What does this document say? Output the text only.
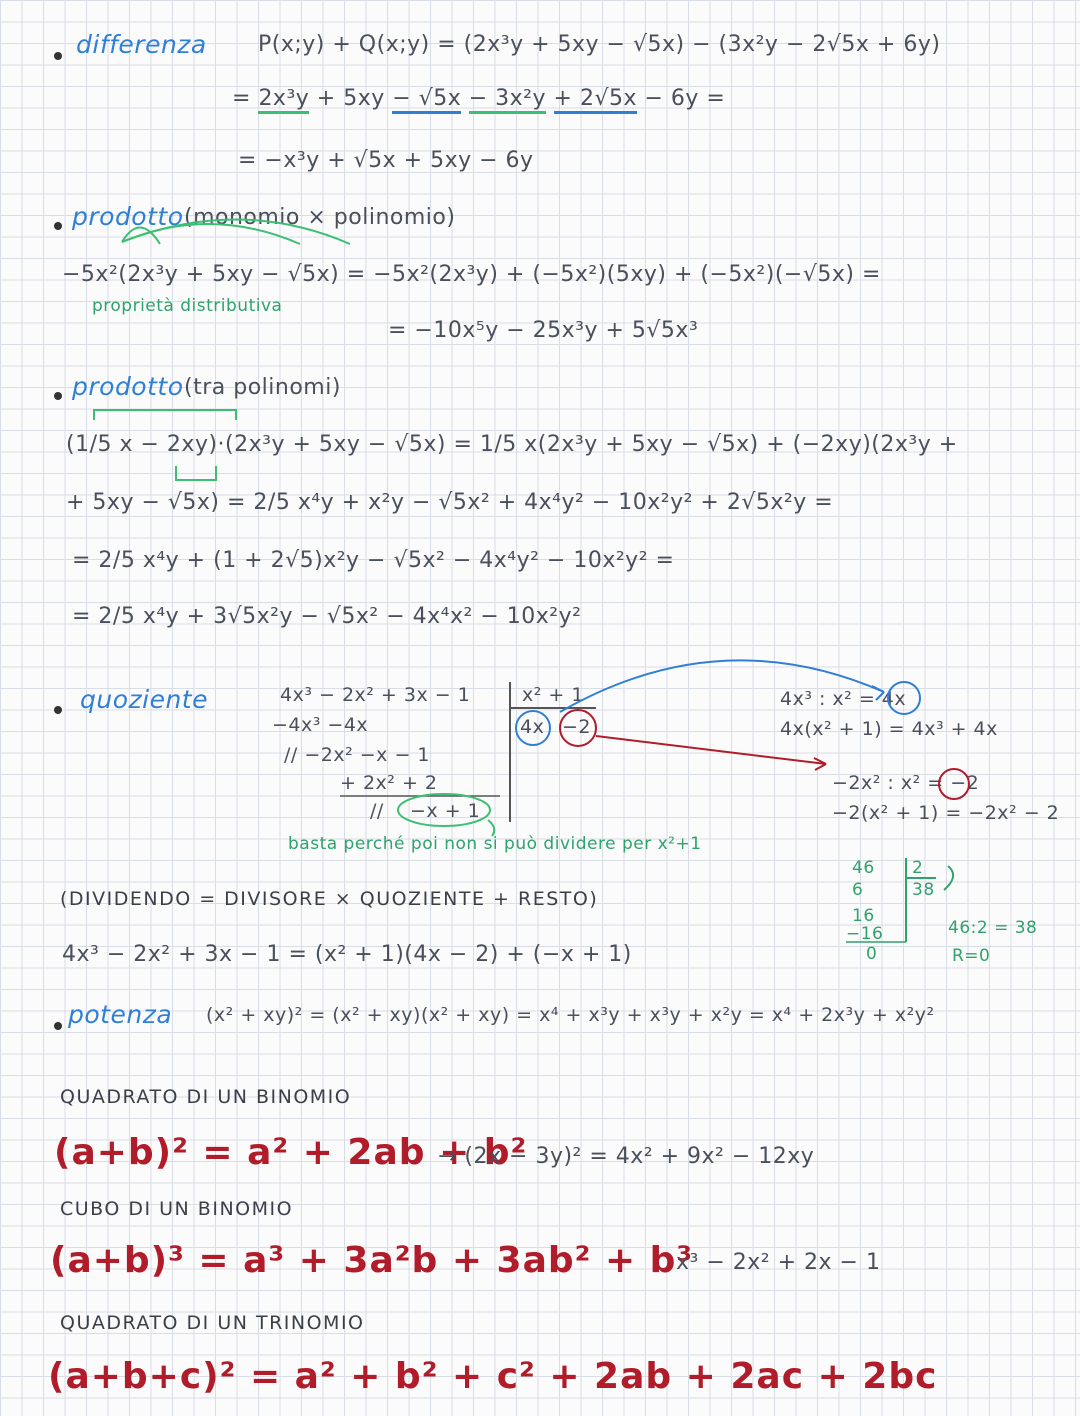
differenza P(x;y) + Q(x;y) = (2x³y + 5xy − √5x) − (3x²y − 2√5x + 6y)
= 2x³y + 5xy − √5x − 3x²y + 2√5x − 6y =
= −x³y + √5x + 5xy − 6y
prodotto (monomio × polinomio)
−5x²(2x³y + 5xy − √5x) = −5x²(2x³y) + (−5x²)(5xy) + (−5x²)(−√5x) =
proprietà distributiva
= −10x⁵y − 25x³y + 5√5x³
prodotto (tra polinomi)
(1/5 x − 2xy)·(2x³y + 5xy − √5x) = 1/5 x(2x³y + 5xy − √5x) + (−2xy)(2x³y +
+ 5xy − √5x) = 2/5 x⁴y + x²y − √5x² + 4x⁴y² − 10x²y² + 2√5x²y =
= 2/5 x⁴y + (1 + 2√5)x²y − √5x² − 4x⁴y² − 10x²y² =
= 2/5 x⁴y + 3√5x²y − √5x² − 4x⁴x² − 10x²y²
quoziente	4x³ − 2x² + 3x − 1	x² + 1
4x −2
−4x³ −4x
// −2x² −x − 1
+ 2x² + 2
// −x + 1
4x³ : x² = 4x
4x(x² + 1) = 4x³ + 4x
−2x² : x² = −2
−2(x² + 1) = −2x² − 2
basta perché poi non si può dividere per x²+1
46 2
38
6
16
−16
0
46:2 = 38
R=0
(DIVIDENDO = DIVISORE × QUOZIENTE + RESTO)
4x³ − 2x² + 3x − 1 = (x² + 1)(4x − 2) + (−x + 1)
potenza (x² + xy)² = (x² + xy)(x² + xy) = x⁴ + x³y + x³y + x²y = x⁴ + 2x³y + x²y²
QUADRATO DI UN BINOMIO
(a+b)² = a² + 2ab + b²
→ (2x − 3y)² = 4x² + 9x² − 12xy
CUBO DI UN BINOMIO
(a+b)³ = a³ + 3a²b + 3ab² + b³
x³ − 2x² + 2x − 1
QUADRATO DI UN TRINOMIO
(a+b+c)² = a² + b² + c² + 2ab + 2ac + 2bc
